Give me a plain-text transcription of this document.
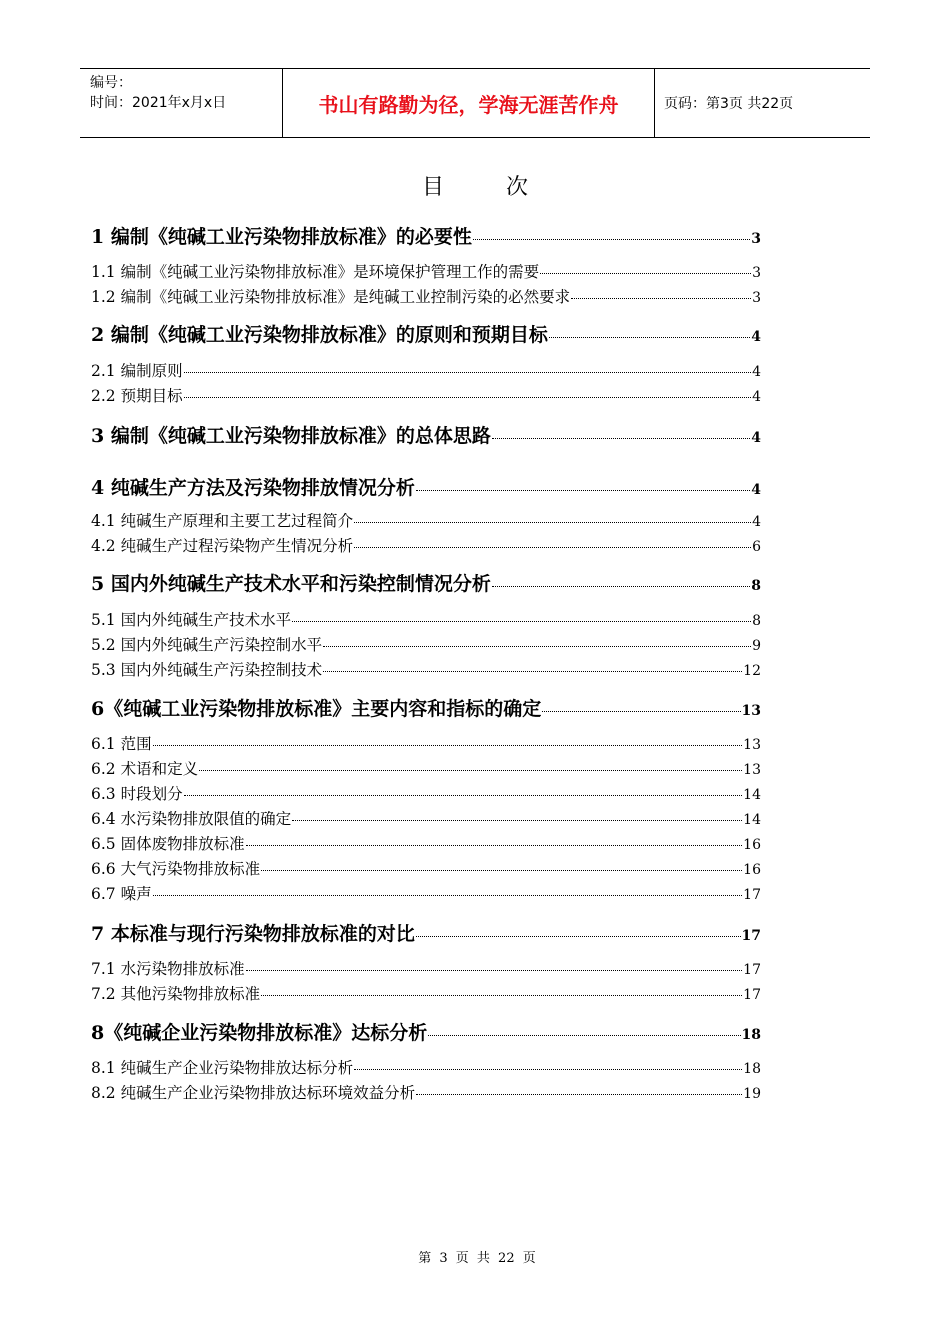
编号：
时间：2021年x月x日	书山有路勤为径，学海无涯苦作舟	页码：第3页 共22页
目次
1 编制《纯碱工业污染物排放标准》的必要性	3
1.1 编制《纯碱工业污染物排放标准》是环境保护管理工作的需要	3
1.2 编制《纯碱工业污染物排放标准》是纯碱工业控制污染的必然要求	3
2 编制《纯碱工业污染物排放标准》的原则和预期目标	4
2.1 编制原则	4
2.2 预期目标	4
3 编制《纯碱工业污染物排放标准》的总体思路	4
4 纯碱生产方法及污染物排放情况分析	4
4.1 纯碱生产原理和主要工艺过程简介	4
4.2 纯碱生产过程污染物产生情况分析	6
5 国内外纯碱生产技术水平和污染控制情况分析	8
5.1 国内外纯碱生产技术水平	8
5.2 国内外纯碱生产污染控制水平	9
5.3 国内外纯碱生产污染控制技术	12
6《纯碱工业污染物排放标准》主要内容和指标的确定	13
6.1 范围	13
6.2 术语和定义	13
6.3 时段划分	14
6.4 水污染物排放限值的确定	14
6.5 固体废物排放标准	16
6.6 大气污染物排放标准	16
6.7 噪声	17
7 本标准与现行污染物排放标准的对比	17
7.1 水污染物排放标准	17
7.2 其他污染物排放标准	17
8《纯碱企业污染物排放标准》达标分析	18
8.1 纯碱生产企业污染物排放达标分析	18
8.2 纯碱生产企业污染物排放达标环境效益分析	19
第 3 页 共 22 页
